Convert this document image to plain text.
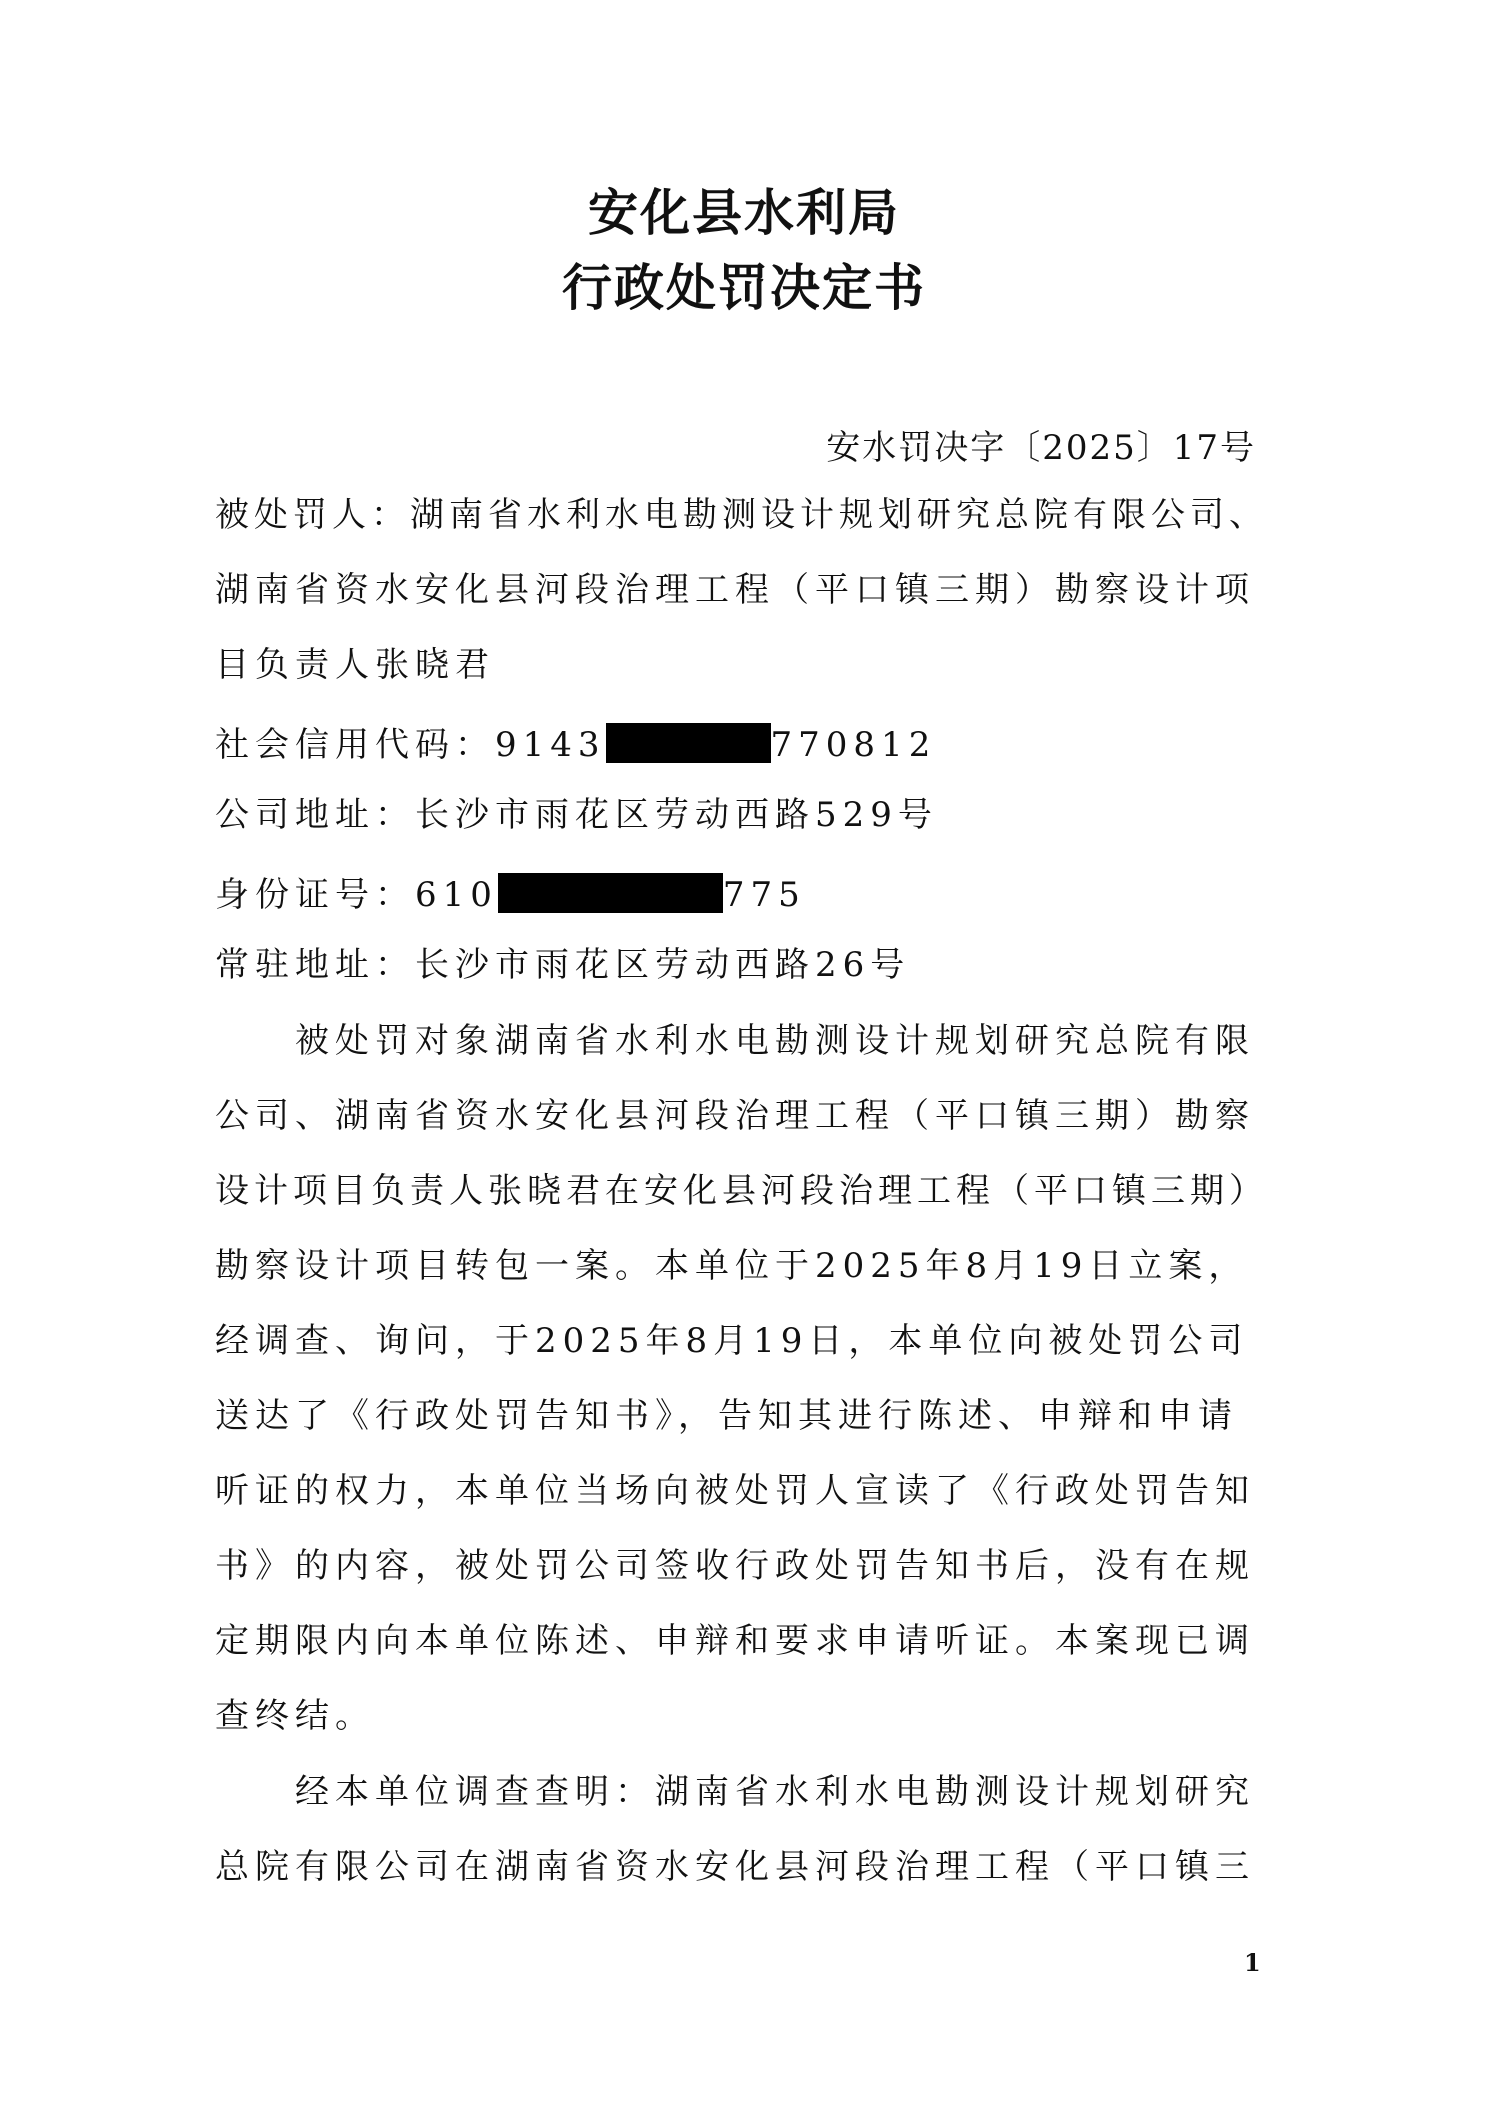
安化县水利局
行政处罚决定书
安水罚决字〔2025〕17号
被处罚人：湖南省水利水电勘测设计规划研究总院有限公司、
湖南省资水安化县河段治理工程（平口镇三期）勘察设计项
目负责人张晓君
社会信用代码：9143	770812
公司地址：长沙市雨花区劳动西路529号
身份证号：610	775
常驻地址：长沙市雨花区劳动西路26号
被处罚对象湖南省水利水电勘测设计规划研究总院有限
公司、湖南省资水安化县河段治理工程（平口镇三期）勘察
设计项目负责人张晓君在安化县河段治理工程（平口镇三期）
勘察设计项目转包一案。本单位于2025年8月19日立案，
经调查、询问，于2025年8月19日，本单位向被处罚公司
送达了《行政处罚告知书》，告知其进行陈述、申辩和申请
听证的权力，本单位当场向被处罚人宣读了《行政处罚告知
书》的内容，被处罚公司签收行政处罚告知书后，没有在规
定期限内向本单位陈述、申辩和要求申请听证。本案现已调
查终结。
经本单位调查查明：湖南省水利水电勘测设计规划研究
总院有限公司在湖南省资水安化县河段治理工程（平口镇三
1
